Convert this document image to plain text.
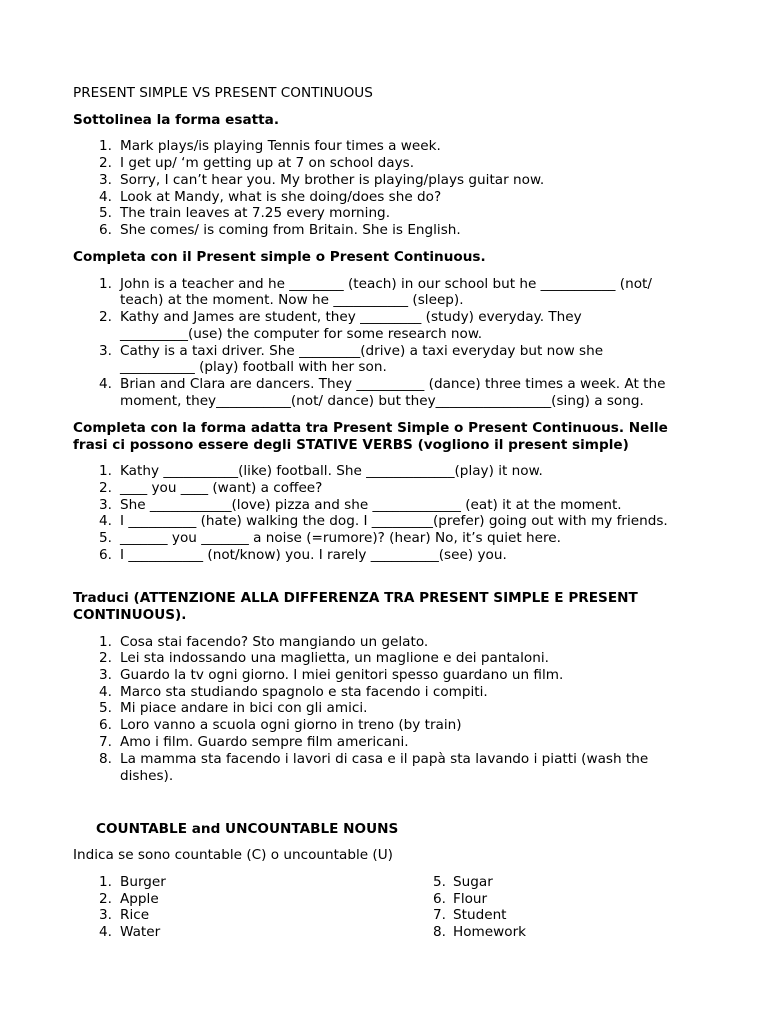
PRESENT SIMPLE VS PRESENT CONTINUOUS
Sottolinea la forma esatta.
1. Mark plays/is playing Tennis four times a week.
2. I get up/ ‘m getting up at 7 on school days.
3. Sorry, I can’t hear you. My brother is playing/plays guitar now.
4. Look at Mandy, what is she doing/does she do?
5. The train leaves at 7.25 every morning.
6. She comes/ is coming from Britain. She is English.
Completa con il Present simple o Present Continuous.
1. John is a teacher and he ________ (teach) in our school but he ___________ (not/
teach) at the moment. Now he ___________ (sleep).
2. Kathy and James are student, they _________ (study) everyday. They
__________(use) the computer for some research now.
3. Cathy is a taxi driver. She _________(drive) a taxi everyday but now she
___________ (play) football with her son.
4. Brian and Clara are dancers. They __________ (dance) three times a week. At the
moment, they___________(not/ dance) but they_________________(sing) a song.
Completa con la forma adatta tra Present Simple o Present Continuous. Nelle
frasi ci possono essere degli STATIVE VERBS (vogliono il present simple)
1. Kathy ___________(like) football. She _____________(play) it now.
2. ____ you ____ (want) a coffee?
3. She ____________(love) pizza and she _____________ (eat) it at the moment.
4. I __________ (hate) walking the dog. I _________(prefer) going out with my friends.
5. _______ you _______ a noise (=rumore)? (hear) No, it’s quiet here.
6. I ___________ (not/know) you. I rarely __________(see) you.
Traduci (ATTENZIONE ALLA DIFFERENZA TRA PRESENT SIMPLE E PRESENT
CONTINUOUS).
1. Cosa stai facendo? Sto mangiando un gelato.
2. Lei sta indossando una maglietta, un maglione e dei pantaloni.
3. Guardo la tv ogni giorno. I miei genitori spesso guardano un film.
4. Marco sta studiando spagnolo e sta facendo i compiti.
5. Mi piace andare in bici con gli amici.
6. Loro vanno a scuola ogni giorno in treno (by train)
7. Amo i film. Guardo sempre film americani.
8. La mamma sta facendo i lavori di casa e il papà sta lavando i piatti (wash the
dishes).
COUNTABLE and UNCOUNTABLE NOUNS
Indica se sono countable (C) o uncountable (U)
1. Burger
2. Apple
3. Rice
4. Water
5. Sugar
6. Flour
7. Student
8. Homework
